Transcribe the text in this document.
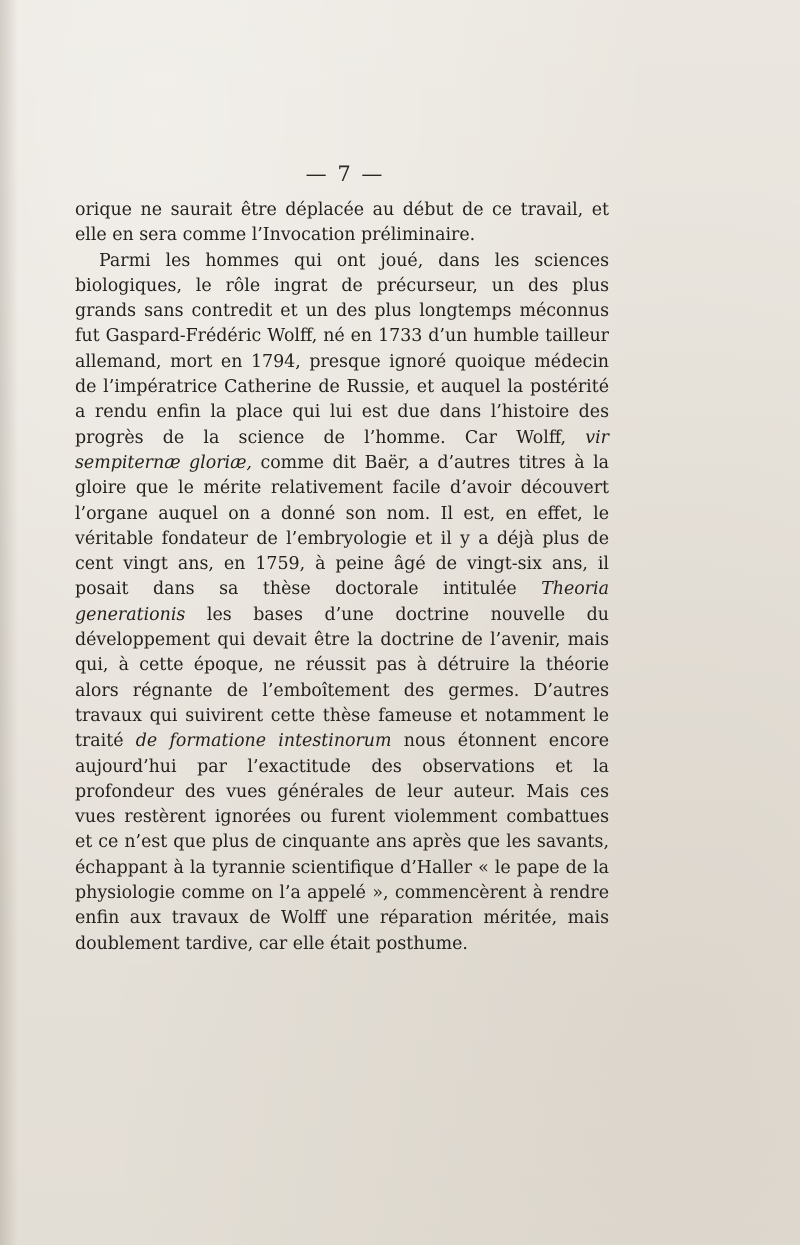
— 7 —

orique ne saurait être déplacée au début de ce travail, et elle en sera comme l’Invocation préliminaire.

Parmi les hommes qui ont joué, dans les sciences biologiques, le rôle ingrat de précurseur, un des plus grands sans contredit et un des plus longtemps méconnus fut Gaspard-Frédéric Wolff, né en 1733 d’un humble tailleur allemand, mort en 1794, presque ignoré quoique médecin de l’impératrice Catherine de Russie, et auquel la postérité a rendu enfin la place qui lui est due dans l’histoire des progrès de la science de l’homme. Car Wolff, vir sempiternæ gloriæ, comme dit Baër, a d’autres titres à la gloire que le mérite relativement facile d’avoir découvert l’organe auquel on a donné son nom. Il est, en effet, le véritable fondateur de l’embryologie et il y a déjà plus de cent vingt ans, en 1759, à peine âgé de vingt-six ans, il posait dans sa thèse doctorale intitulée Theoria generationis les bases d’une doctrine nouvelle du développement qui devait être la doctrine de l’avenir, mais qui, à cette époque, ne réussit pas à détruire la théorie alors régnante de l’emboîtement des germes. D’autres travaux qui suivirent cette thèse fameuse et notamment le traité de formatione intestinorum nous étonnent encore aujourd’hui par l’exactitude des observations et la profondeur des vues générales de leur auteur. Mais ces vues restèrent ignorées ou furent violemment combattues et ce n’est que plus de cinquante ans après que les savants, échappant à la tyrannie scientifique d’Haller « le pape de la physiologie comme on l’a appelé », commencèrent à rendre enfin aux travaux de Wolff une réparation méritée, mais doublement tardive, car elle était posthume.
